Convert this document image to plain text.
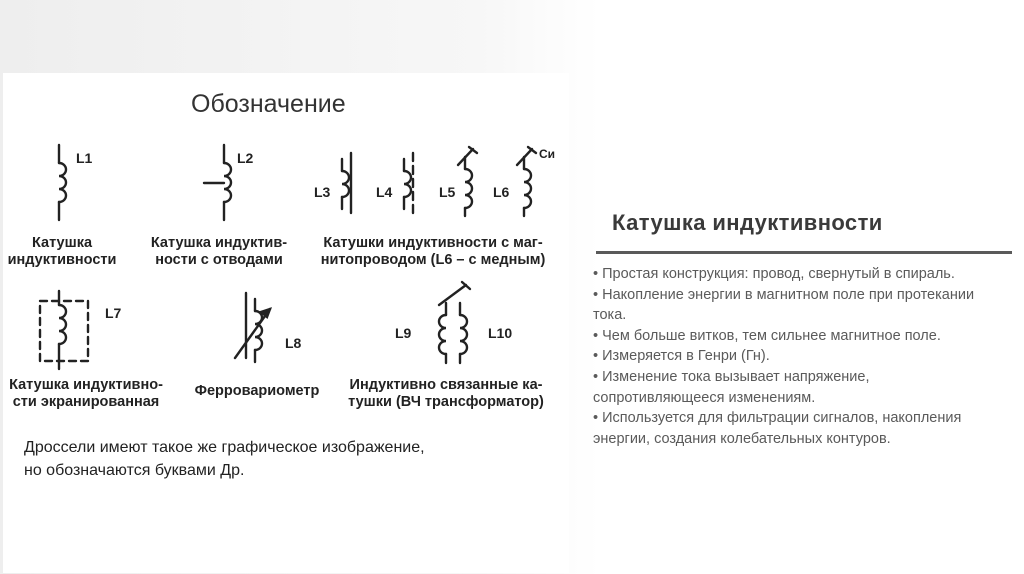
Обозначение
L1	L2
L3	L4	L5	L6
Cи
L7
L8
L9	L10
Катушка
индуктивности
Катушка индуктив-
ности с отводами
Катушки индуктивности с маг-
нитопроводом (L6 – с медным)
Катушка индуктивно-
сти экранированная
Ферровариометр	Индуктивно связанные ка-
тушки (ВЧ трансформатор)
Дроссели имеют такое же графическое изображение,
но обозначаются буквами Др.
Катушка индуктивности
• Простая конструкция: провод, свернутый в спираль.
• Накопление энергии в магнитном поле при протекании тока.
• Чем больше витков, тем сильнее магнитное поле.
• Измеряется в Генри (Гн).
• Изменение тока вызывает напряжение, сопротивляющееся изменениям.
• Используется для фильтрации сигналов, накопления энергии, создания колебательных контуров.
